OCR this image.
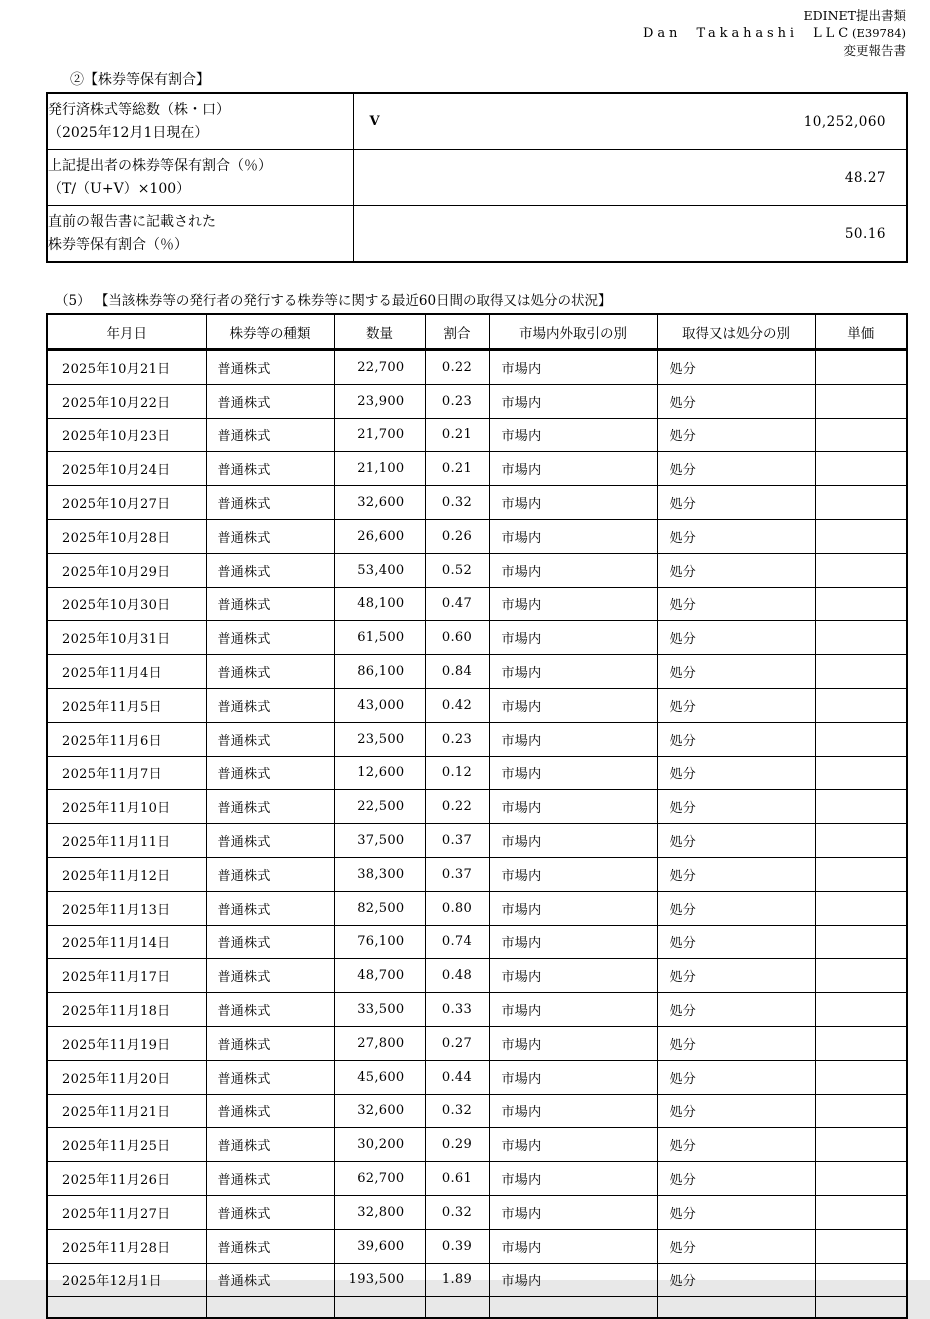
EDINET提出書類
Dan Takahashi LLC(E39784)
変更報告書
②【株券等保有割合】
発行済株式等総数（株・口）
（2025年12月1日現在）

V	10,252,060

上記提出者の株券等保有割合（％）
（T/（U+V）×100）	48.27

直前の報告書に記載された
株券等保有割合（％）	50.16
（5） 【当該株券等の発行者の発行する株券等に関する最近60日間の取得又は処分の状況】
年月日	株券等の種類	数量	割合	市場内外取引の別	取得又は処分の別	単価
2025年10月21日	普通株式	22,700	0.22	市場内	処分	
2025年10月22日	普通株式	23,900	0.23	市場内	処分	
2025年10月23日	普通株式	21,700	0.21	市場内	処分	
2025年10月24日	普通株式	21,100	0.21	市場内	処分	
2025年10月27日	普通株式	32,600	0.32	市場内	処分	
2025年10月28日	普通株式	26,600	0.26	市場内	処分	
2025年10月29日	普通株式	53,400	0.52	市場内	処分	
2025年10月30日	普通株式	48,100	0.47	市場内	処分	
2025年10月31日	普通株式	61,500	0.60	市場内	処分	
2025年11月4日	普通株式	86,100	0.84	市場内	処分	
2025年11月5日	普通株式	43,000	0.42	市場内	処分	
2025年11月6日	普通株式	23,500	0.23	市場内	処分	
2025年11月7日	普通株式	12,600	0.12	市場内	処分	
2025年11月10日	普通株式	22,500	0.22	市場内	処分	
2025年11月11日	普通株式	37,500	0.37	市場内	処分	
2025年11月12日	普通株式	38,300	0.37	市場内	処分	
2025年11月13日	普通株式	82,500	0.80	市場内	処分	
2025年11月14日	普通株式	76,100	0.74	市場内	処分	
2025年11月17日	普通株式	48,700	0.48	市場内	処分	
2025年11月18日	普通株式	33,500	0.33	市場内	処分	
2025年11月19日	普通株式	27,800	0.27	市場内	処分	
2025年11月20日	普通株式	45,600	0.44	市場内	処分	
2025年11月21日	普通株式	32,600	0.32	市場内	処分	
2025年11月25日	普通株式	30,200	0.29	市場内	処分	
2025年11月26日	普通株式	62,700	0.61	市場内	処分	
2025年11月27日	普通株式	32,800	0.32	市場内	処分	
2025年11月28日	普通株式	39,600	0.39	市場内	処分	
2025年12月1日	普通株式	193,500	1.89	市場内	処分	
